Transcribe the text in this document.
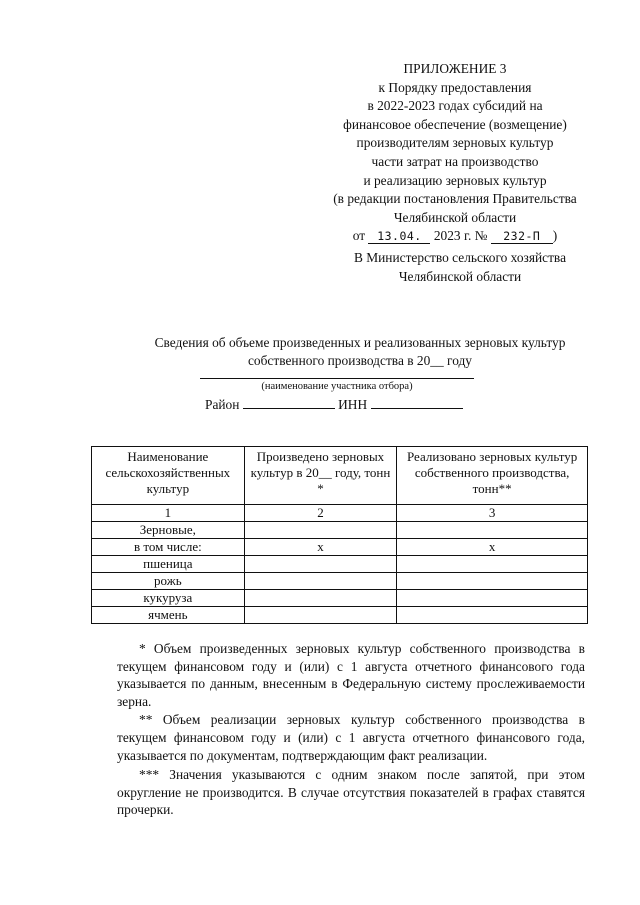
ПРИЛОЖЕНИЕ 3
к Порядку предоставления
в 2022-2023 годах субсидий на
финансовое обеспечение (возмещение)
производителям зерновых культур
части затрат на производство
и реализацию зерновых культур
(в редакции постановления Правительства
Челябинской области
от 13.04. 2023 г. № 232-П )
В Министерство сельского хозяйства
Челябинской области
Сведения об объеме произведенных и реализованных зерновых культур
собственного производства в 20__ году
(наименование участника отбора)
Район	ИНН
Наименование сельскохозяйственных культур	Произведено зерновых культур в 20__ году, тонн *	Реализовано зерновых культур собственного производства, тонн**
1	2	3
Зерновые,		
в том числе:	x	x
пшеница		
рожь		
кукуруза		
ячмень		

* Объем произведенных зерновых культур собственного производства в текущем финансовом году и (или) с 1 августа отчетного финансового года указывается по данным, внесенным в Федеральную систему прослеживаемости зерна.

** Объем реализации зерновых культур собственного производства в текущем финансовом году и (или) с 1 августа отчетного финансового года, указывается по документам, подтверждающим факт реализации.

*** Значения указываются с одним знаком после запятой, при этом округление не производится. В случае отсутствия показателей в графах ставятся прочерки.
